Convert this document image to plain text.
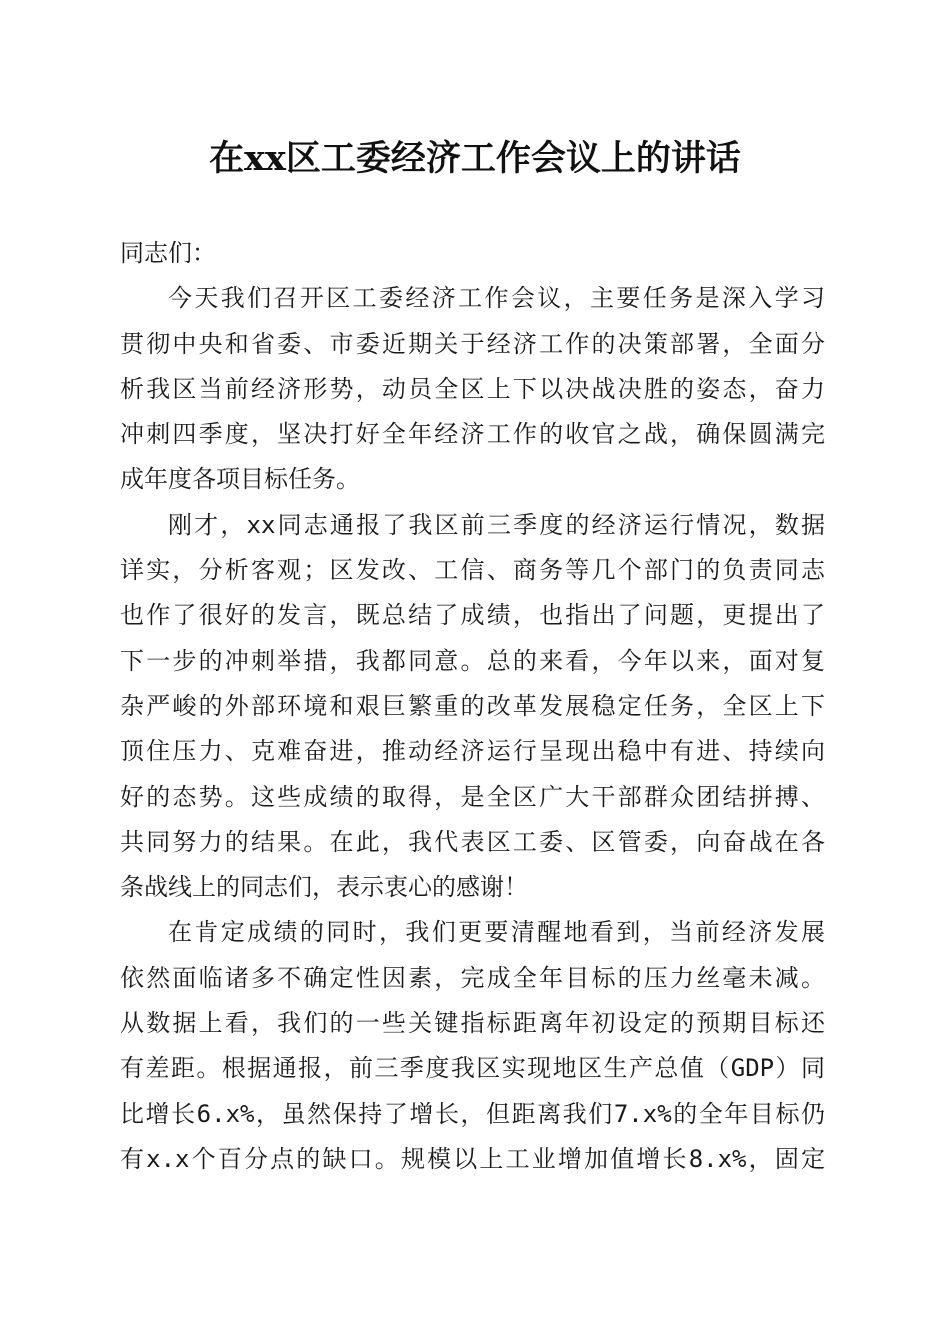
在xx区工委经济工作会议上的讲话
同志们：
今天我们召开区工委经济工作会议，主要任务是深入学习
贯彻中央和省委、市委近期关于经济工作的决策部署，全面分
析我区当前经济形势，动员全区上下以决战决胜的姿态，奋力
冲刺四季度，坚决打好全年经济工作的收官之战，确保圆满完
成年度各项目标任务。
刚才，xx同志通报了我区前三季度的经济运行情况，数据
详实，分析客观；区发改、工信、商务等几个部门的负责同志
也作了很好的发言，既总结了成绩，也指出了问题，更提出了
下一步的冲刺举措，我都同意。总的来看，今年以来，面对复
杂严峻的外部环境和艰巨繁重的改革发展稳定任务，全区上下
顶住压力、克难奋进，推动经济运行呈现出稳中有进、持续向
好的态势。这些成绩的取得，是全区广大干部群众团结拼搏、
共同努力的结果。在此，我代表区工委、区管委，向奋战在各
条战线上的同志们，表示衷心的感谢！
在肯定成绩的同时，我们更要清醒地看到，当前经济发展
依然面临诸多不确定性因素，完成全年目标的压力丝毫未减。
从数据上看，我们的一些关键指标距离年初设定的预期目标还
有差距。根据通报，前三季度我区实现地区生产总值（GDP）同
比增长6.x%，虽然保持了增长，但距离我们7.x%的全年目标仍
有x.x个百分点的缺口。规模以上工业增加值增长8.x%，固定
